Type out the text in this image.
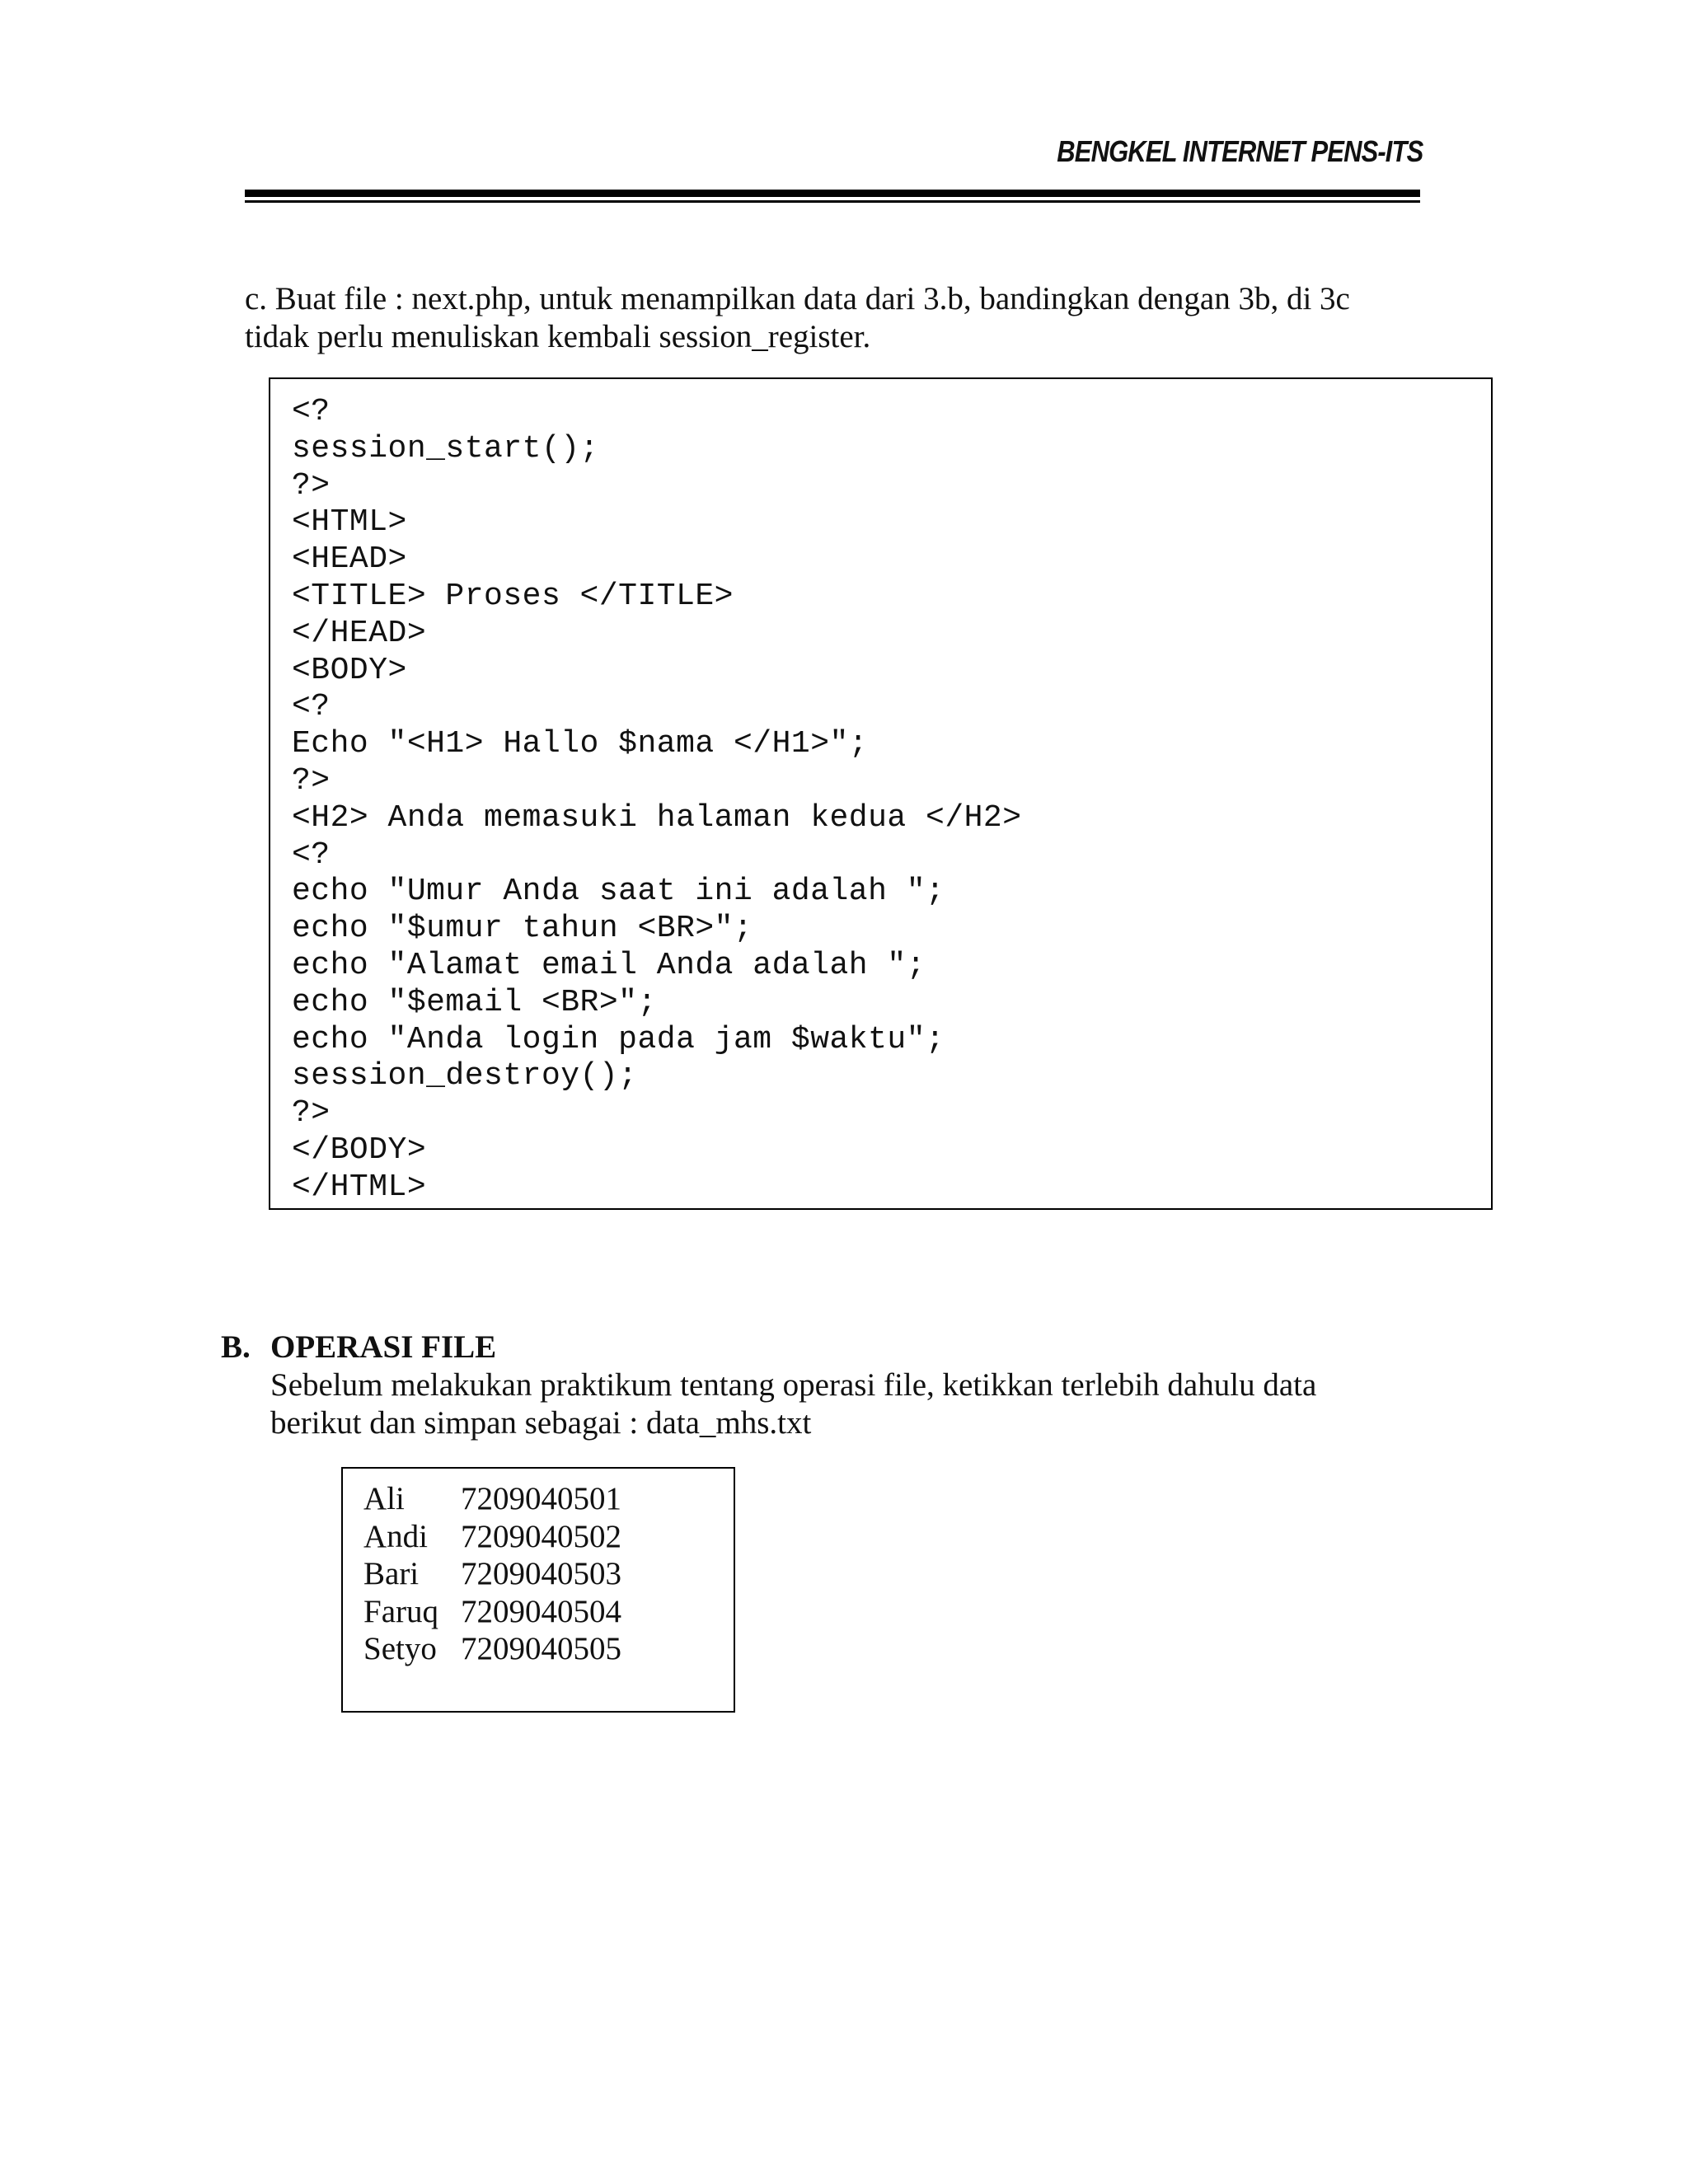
BENGKEL INTERNET PENS-ITS
c. Buat file : next.php, untuk menampilkan data dari 3.b, bandingkan dengan 3b, di 3c
tidak perlu menuliskan kembali session_register.
<?
session_start();
?>
<HTML>
<HEAD>
<TITLE> Proses </TITLE>
</HEAD>
<BODY>
<?
Echo "<H1> Hallo $nama </H1>";
?>
<H2> Anda memasuki halaman kedua </H2>
<?
echo "Umur Anda saat ini adalah ";
echo "$umur tahun <BR>";
echo "Alamat email Anda adalah ";
echo "$email <BR>";
echo "Anda login pada jam $waktu";
session_destroy();
?>
</BODY>
</HTML>
B. OPERASI FILE
Sebelum melakukan praktikum tentang operasi file, ketikkan terlebih dahulu data
berikut dan simpan sebagai : data_mhs.txt
Ali	7209040501
Andi	7209040502
Bari	7209040503
Faruq	7209040504
Setyo	7209040505
